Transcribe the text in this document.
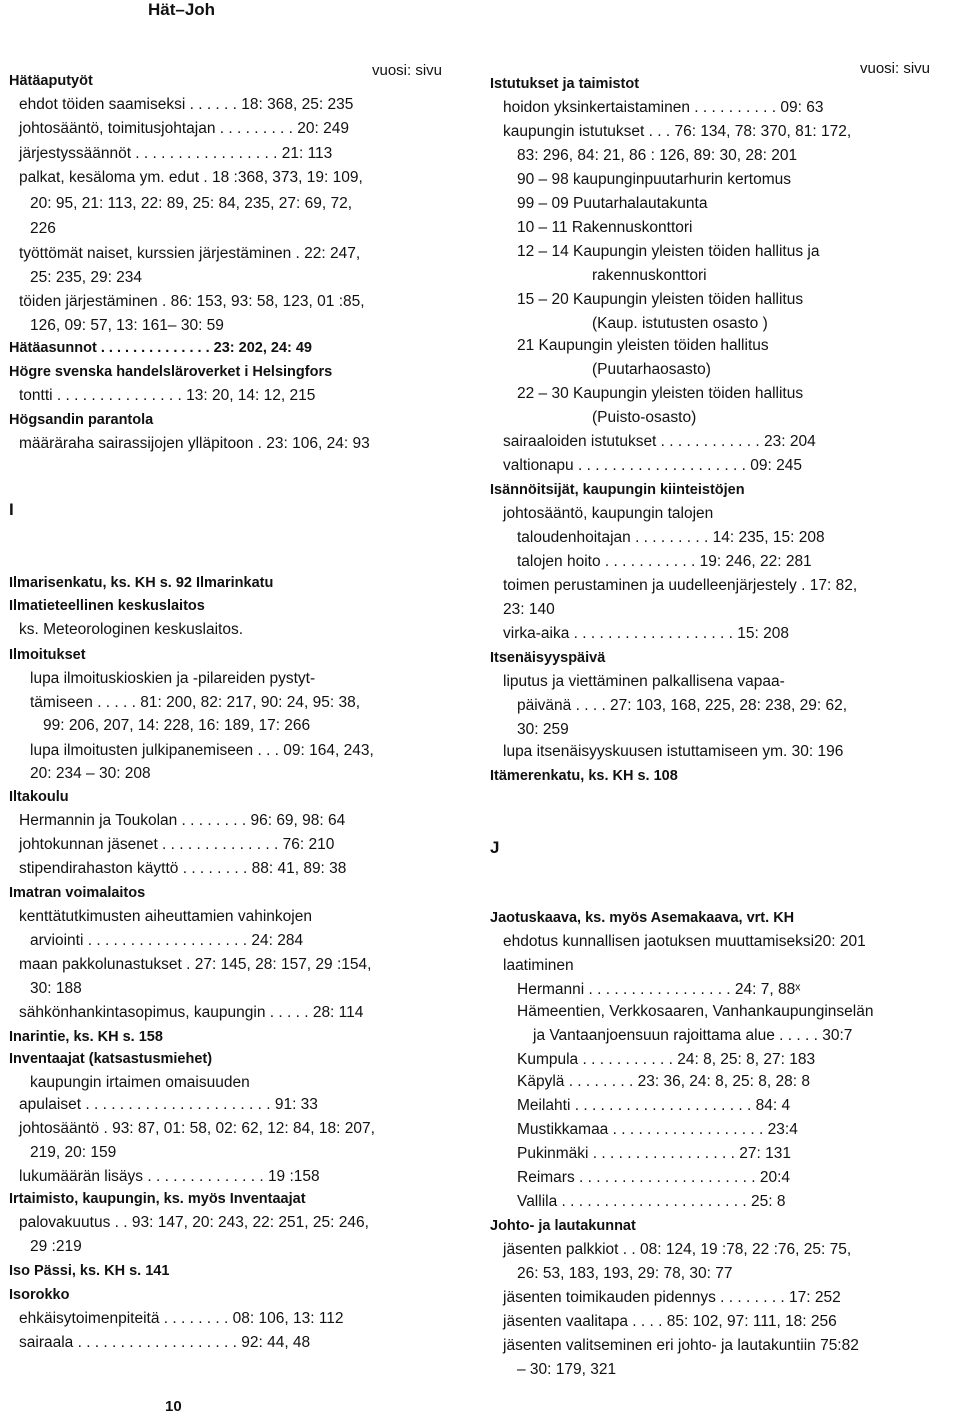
Hät–Joh
vuosi: sivu	vuosi: sivu
Hätäaputyöt
ehdot töiden saamiseksi . . . . . . 18: 368, 25: 235
johtosääntö, toimitusjohtajan . . . . . . . . . 20: 249
järjestyssäännöt . . . . . . . . . . . . . . . . . 21: 113
palkat, kesäloma ym. edut . 18 :368, 373, 19: 109,
20: 95, 21: 113, 22: 89, 25: 84, 235, 27: 69, 72,
226
työttömät naiset, kurssien järjestäminen . 22: 247,
25: 235, 29: 234
töiden järjestäminen . 86: 153, 93: 58, 123, 01 :85,
126, 09: 57, 13: 161– 30: 59
Hätäasunnot . . . . . . . . . . . . . . 23: 202, 24: 49
Högre svenska handelsläroverket i Helsingfors
tontti . . . . . . . . . . . . . . . 13: 20, 14: 12, 215
Högsandin parantola
määräraha sairassijojen ylläpitoon . 23: 106, 24: 93
I
Ilmarisenkatu, ks. KH s. 92 Ilmarinkatu
Ilmatieteellinen keskuslaitos
ks. Meteorologinen keskuslaitos.
Ilmoitukset
lupa ilmoituskioskien ja -pilareiden pystyt-
tämiseen . . . . . 81: 200, 82: 217, 90: 24, 95: 38,
99: 206, 207, 14: 228, 16: 189, 17: 266
lupa ilmoitusten julkipanemiseen . . . 09: 164, 243,
20: 234 – 30: 208
Iltakoulu
Hermannin ja Toukolan . . . . . . . . 96: 69, 98: 64
johtokunnan jäsenet . . . . . . . . . . . . . . 76: 210
stipendirahaston käyttö . . . . . . . . 88: 41, 89: 38
Imatran voimalaitos
kenttätutkimusten aiheuttamien vahinkojen
arviointi . . . . . . . . . . . . . . . . . . . 24: 284
maan pakkolunastukset . 27: 145, 28: 157, 29 :154,
30: 188
sähkönhankintasopimus, kaupungin . . . . . 28: 114
Inarintie, ks. KH s. 158
Inventaajat (katsastusmiehet)
kaupungin irtaimen omaisuuden
apulaiset . . . . . . . . . . . . . . . . . . . . . . 91: 33
johtosääntö . 93: 87, 01: 58, 02: 62, 12: 84, 18: 207,
219, 20: 159
lukumäärän lisäys . . . . . . . . . . . . . . 19 :158
Irtaimisto, kaupungin, ks. myös Inventaajat
palovakuutus . . 93: 147, 20: 243, 22: 251, 25: 246,
29 :219
Iso Pässi, ks. KH s. 141
Isorokko
ehkäisytoimenpiteitä . . . . . . . . 08: 106, 13: 112
sairaala . . . . . . . . . . . . . . . . . . . 92: 44, 48
Istutukset ja taimistot
hoidon yksinkertaistaminen . . . . . . . . . . 09: 63
kaupungin istutukset . . . 76: 134, 78: 370, 81: 172,
83: 296, 84: 21, 86 : 126, 89: 30, 28: 201
90 – 98 kaupunginpuutarhurin kertomus
99 – 09 Puutarhalautakunta
10 – 11 Rakennuskonttori
12 – 14 Kaupungin yleisten töiden hallitus ja
rakennuskonttori
15 – 20 Kaupungin yleisten töiden hallitus
(Kaup. istutusten osasto )
21 Kaupungin yleisten töiden hallitus
(Puutarhaosasto)
22 – 30 Kaupungin yleisten töiden hallitus
(Puisto-osasto)
sairaaloiden istutukset . . . . . . . . . . . . 23: 204
valtionapu . . . . . . . . . . . . . . . . . . . . 09: 245
Isännöitsijät, kaupungin kiinteistöjen
johtosääntö, kaupungin talojen
taloudenhoitajan . . . . . . . . . 14: 235, 15: 208
talojen hoito . . . . . . . . . . . 19: 246, 22: 281
toimen perustaminen ja uudelleenjärjestely . 17: 82,
23: 140
virka-aika . . . . . . . . . . . . . . . . . . . 15: 208
Itsenäisyyspäivä
liputus ja viettäminen palkallisena vapaa-
päivänä . . . . 27: 103, 168, 225, 28: 238, 29: 62,
30: 259
lupa itsenäisyyskuusen istuttamiseen ym. 30: 196
Itämerenkatu, ks. KH s. 108
J
Jaotuskaava, ks. myös Asemakaava, vrt. KH
ehdotus kunnallisen jaotuksen muuttamiseksi20: 201
laatiminen
Hermanni . . . . . . . . . . . . . . . . . 24: 7, 88ˣ
Hämeentien, Verkkosaaren, Vanhankaupunginselän
ja Vantaanjoensuun rajoittama alue . . . . . 30:7
Kumpula . . . . . . . . . . . 24: 8, 25: 8, 27: 183
Käpylä . . . . . . . . 23: 36, 24: 8, 25: 8, 28: 8
Meilahti . . . . . . . . . . . . . . . . . . . . . 84: 4
Mustikkamaa . . . . . . . . . . . . . . . . . . 23:4
Pukinmäki . . . . . . . . . . . . . . . . . 27: 131
Reimars . . . . . . . . . . . . . . . . . . . . . 20:4
Vallila . . . . . . . . . . . . . . . . . . . . . . 25: 8
Johto- ja lautakunnat
jäsenten palkkiot . . 08: 124, 19 :78, 22 :76, 25: 75,
26: 53, 183, 193, 29: 78, 30: 77
jäsenten toimikauden pidennys . . . . . . . . 17: 252
jäsenten vaalitapa . . . . 85: 102, 97: 111, 18: 256
jäsenten valitseminen eri johto- ja lautakuntiin 75:82
– 30: 179, 321
10
